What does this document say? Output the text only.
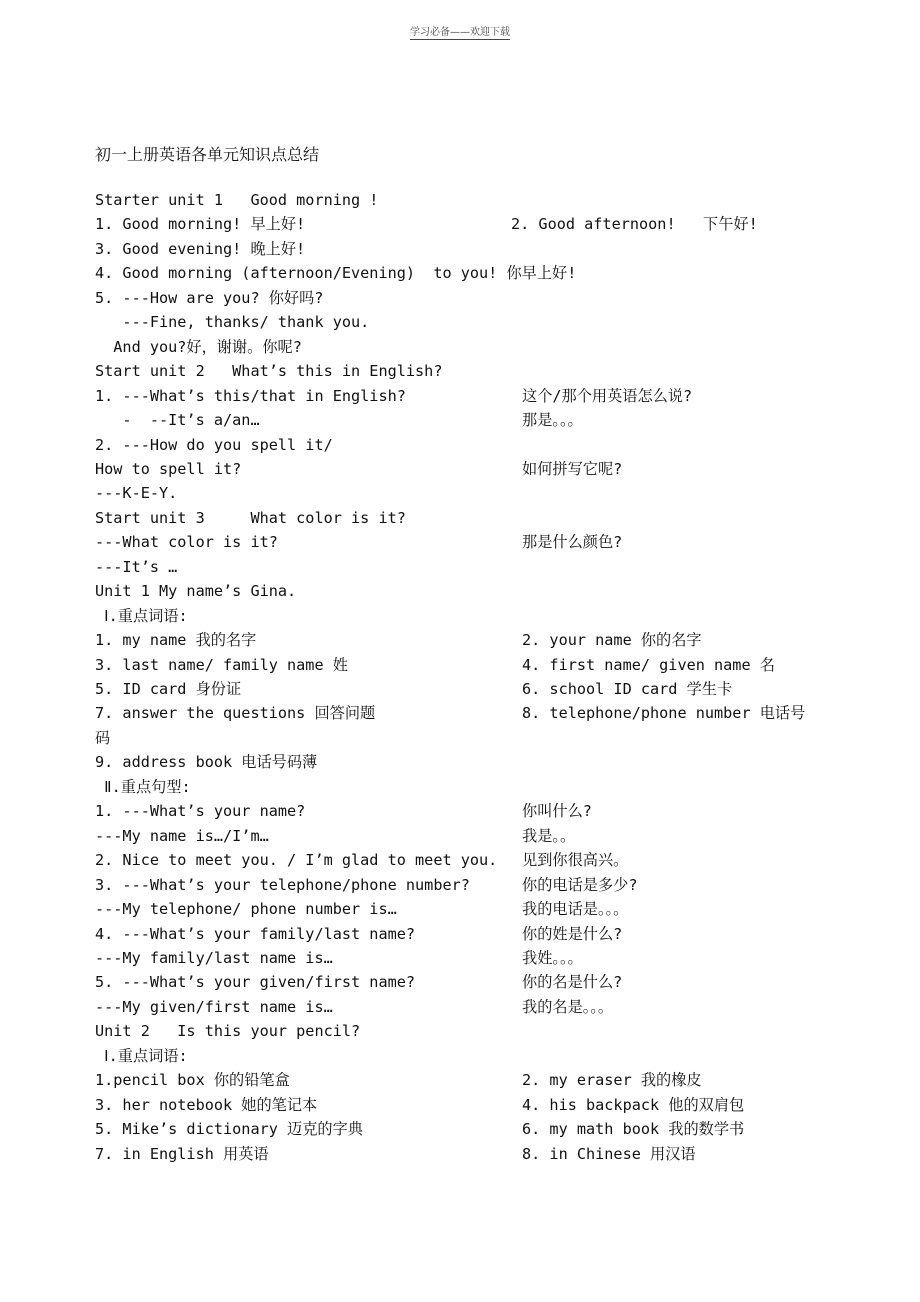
学习必备——欢迎下载
初一上册英语各单元知识点总结
Starter unit 1   Good morning !
1. Good morning! 早上好!	2. Good afternoon!   下午好!
3. Good evening! 晚上好!
4. Good morning (afternoon/Evening)  to you! 你早上好!
5. ---How are you? 你好吗?
---Fine, thanks/ thank you.
And you?好，谢谢。你呢?
Start unit 2   What’s this in English?
1. ---What’s this/that in English?	这个/那个用英语怎么说?
-  --It’s a/an…	那是。。。
2. ---How do you spell it/
How to spell it?	如何拼写它呢?
---K-E-Y.
Start unit 3     What color is it?
---What color is it?	那是什么颜色?
---It’s …
Unit 1 My name’s Gina.
Ⅰ.重点词语:
1. my name 我的名字	2. your name 你的名字
3. last name/ family name 姓	4. first name/ given name 名
5. ID card 身份证	6. school ID card 学生卡
7. answer the questions 回答问题	8. telephone/phone number 电话号
码
9. address book 电话号码薄
Ⅱ.重点句型:
1. ---What’s your name?	你叫什么?
---My name is…/I’m…	我是。。
2. Nice to meet you. / I’m glad to meet you. 见到你很高兴。
3. ---What’s your telephone/phone number?	你的电话是多少?
---My telephone/ phone number is…	我的电话是。。。
4. ---What’s your family/last name?	你的姓是什么?
---My family/last name is…	我姓。。。
5. ---What’s your given/first name?	你的名是什么?
---My given/first name is…	我的名是。。。
Unit 2   Is this your pencil?
Ⅰ.重点词语:
1.pencil box 你的铅笔盒	2. my eraser 我的橡皮
3. her notebook 她的笔记本	4. his backpack 他的双肩包
5. Mike’s dictionary 迈克的字典	6. my math book 我的数学书
7. in English 用英语	8. in Chinese 用汉语
